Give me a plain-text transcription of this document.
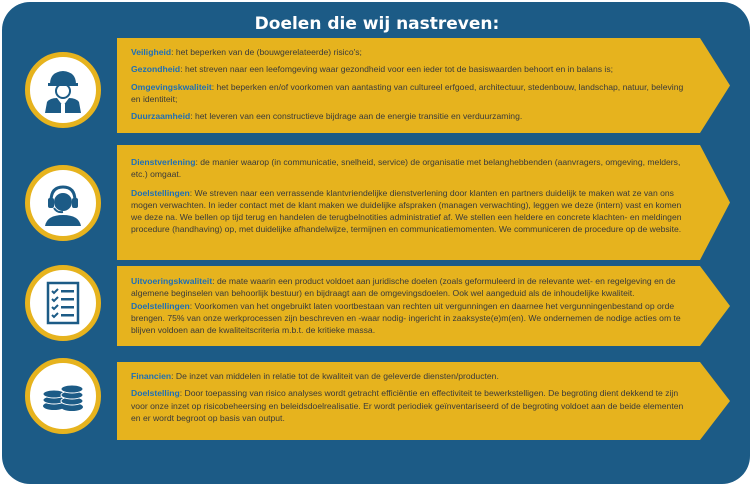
Doelen die wij nastreven:

Veiligheid: het beperken van de (bouwgerelateerde) risico's;

Gezondheid: het streven naar een leefomgeving waar gezondheid voor een ieder tot de basiswaarden behoort en in balans is;

Omgevingskwaliteit: het beperken en/of voorkomen van aantasting van cultureel erfgoed, architectuur, stedenbouw, landschap, natuur, beleving en identiteit;

Duurzaamheid: het leveren van een constructieve bijdrage aan de energie transitie en verduurzaming.

Dienstverlening: de manier waarop (in communicatie, snelheid, service) de organisatie met belanghebbenden (aanvragers, omgeving, melders, etc.) omgaat.

Doelstellingen: We streven naar een verrassende klantvriendelijke dienstverlening door klanten en partners duidelijk te maken wat ze van ons mogen verwachten. In ieder contact met de klant maken we duidelijke afspraken (managen verwachting), leggen we deze (intern) vast en komen we deze na. We bellen op tijd terug en handelen de terugbelnotities administratief af. We stellen een heldere en concrete klachten- en meldingen procedure (handhaving) op, met duidelijke afhandelwijze, termijnen en communicatiemomenten. We communiceren de procedure op de website.

Uitvoeringskwaliteit: de mate waarin een product voldoet aan juridische doelen (zoals geformuleerd in de relevante wet- en regelgeving en de algemene beginselen van behoorlijk bestuur) en bijdraagt aan de omgevingsdoelen. Ook wel aangeduid als de inhoudelijke kwaliteit. Doelstellingen: Voorkomen van het ongebruikt laten voortbestaan van rechten uit vergunningen en daarnee het vergunningenbestand op orde brengen. 75% van onze werkprocessen zijn beschreven en -waar nodig- ingericht in zaaksyste(e)m(en). We ondernemen de nodige acties om te blijven voldoen aan de kwaliteitscriteria m.b.t. de kritieke massa.

Financien: De inzet van middelen in relatie tot de kwaliteit van de geleverde diensten/producten.

Doelstelling: Door toepassing van risico analyses wordt getracht efficiëntie en effectiviteit te bewerkstelligen. De begroting dient dekkend te zijn voor onze inzet op risicobeheersing en beleidsdoelrealisatie. Er wordt periodiek geïnventariseerd of de begroting voldoet aan de beide elementen en er wordt begroot op basis van output.
